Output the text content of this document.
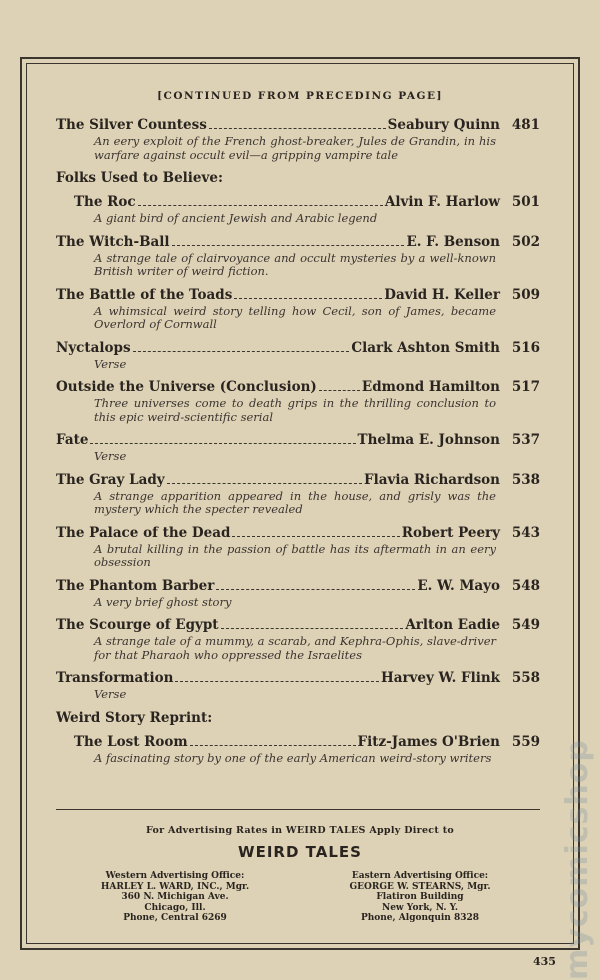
[CONTINUED FROM PRECEDING PAGE]
The Silver Countess	Seabury Quinn 481
An eery exploit of the French ghost-breaker, Jules de Grandin, in his warfare against occult evil—a gripping vampire tale
Folks Used to Believe:
The Roc	Alvin F. Harlow 501
A giant bird of ancient Jewish and Arabic legend
The Witch-Ball	E. F. Benson 502
A strange tale of clairvoyance and occult mysteries by a well-known British writer of weird fiction.
The Battle of the Toads	David H. Keller 509
A whimsical weird story telling how Cecil, son of James, became Overlord of Cornwall
Nyctalops	Clark Ashton Smith 516
Verse
Outside the Universe (Conclusion)	Edmond Hamilton 517
Three universes come to death grips in the thrilling conclusion to this epic weird-scientific serial
Fate	Thelma E. Johnson 537
Verse
The Gray Lady	Flavia Richardson 538
A strange apparition appeared in the house, and grisly was the mystery which the specter revealed
The Palace of the Dead	Robert Peery 543
A brutal killing in the passion of battle has its aftermath in an eery obsession
The Phantom Barber	E. W. Mayo 548
A very brief ghost story
The Scourge of Egypt	Arlton Eadie 549
A strange tale of a mummy, a scarab, and Kephra-Ophis, slave-driver for that Pharaoh who oppressed the Israelites
Transformation	Harvey W. Flink 558
Verse
Weird Story Reprint:
The Lost Room	Fitz-James O'Brien 559
A fascinating story by one of the early American weird-story writers
For Advertising Rates in WEIRD TALES Apply Direct to
WEIRD TALES
Western Advertising Office:
HARLEY L. WARD, INC., Mgr.
360 N. Michigan Ave.
Chicago, Ill.
Phone, Central 6269
Eastern Advertising Office:
GEORGE W. STEARNS, Mgr.
Flatiron Building
New York, N. Y.
Phone, Algonquin 8328
435 mycomicshop
